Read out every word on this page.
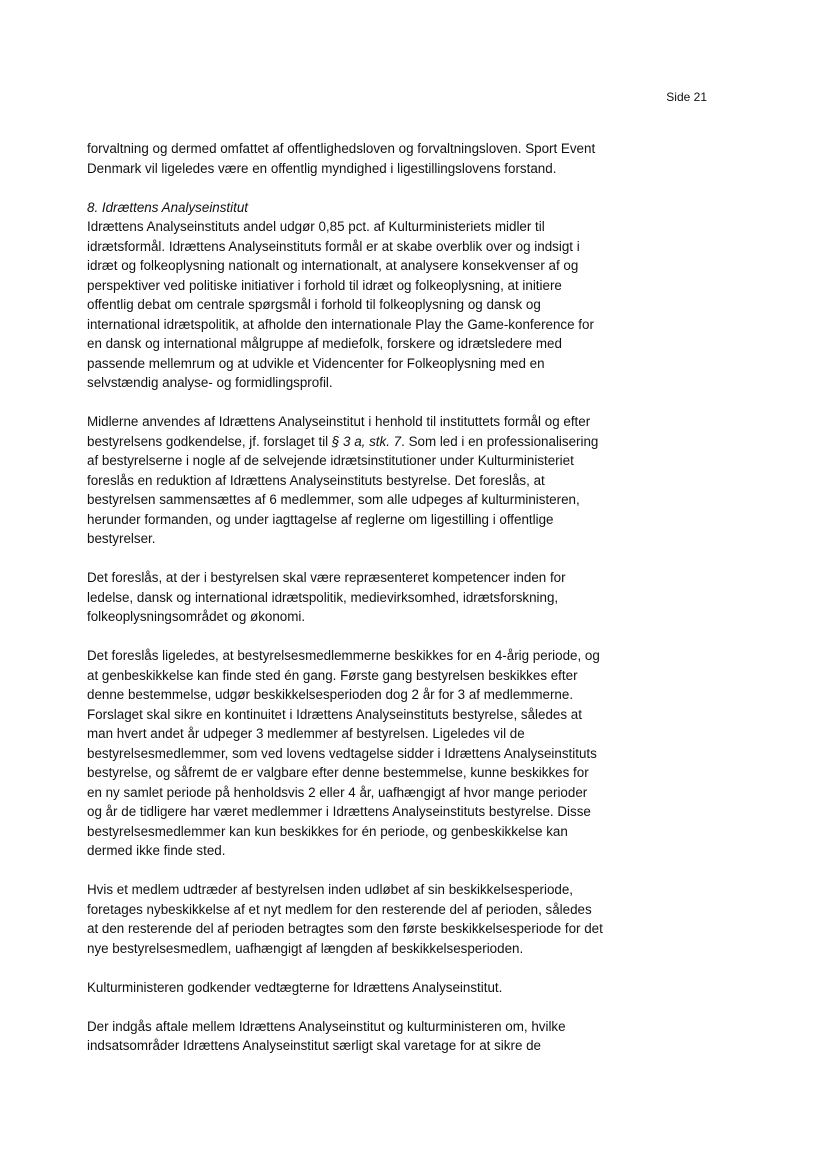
Side 21
forvaltning og dermed omfattet af offentlighedsloven og forvaltningsloven. Sport Event
Denmark vil ligeledes være en offentlig myndighed i ligestillingslovens forstand.
8. Idrættens Analyseinstitut
Idrættens Analyseinstituts andel udgør 0,85 pct. af Kulturministeriets midler til
idrætsformål. Idrættens Analyseinstituts formål er at skabe overblik over og indsigt i
idræt og folkeoplysning nationalt og internationalt, at analysere konsekvenser af og
perspektiver ved politiske initiativer i forhold til idræt og folkeoplysning, at initiere
offentlig debat om centrale spørgsmål i forhold til folkeoplysning og dansk og
international idrætspolitik, at afholde den internationale Play the Game-konference for
en dansk og international målgruppe af mediefolk, forskere og idrætsledere med
passende mellemrum og at udvikle et Videncenter for Folkeoplysning med en
selvstændig analyse- og formidlingsprofil.
Midlerne anvendes af Idrættens Analyseinstitut i henhold til instituttets formål og efter
bestyrelsens godkendelse, jf. forslaget til § 3 a, stk. 7. Som led i en professionalisering
af bestyrelserne i nogle af de selvejende idrætsinstitutioner under Kulturministeriet
foreslås en reduktion af Idrættens Analyseinstituts bestyrelse. Det foreslås, at
bestyrelsen sammensættes af 6 medlemmer, som alle udpeges af kulturministeren,
herunder formanden, og under iagttagelse af reglerne om ligestilling i offentlige
bestyrelser.
Det foreslås, at der i bestyrelsen skal være repræsenteret kompetencer inden for
ledelse, dansk og international idrætspolitik, medievirksomhed, idrætsforskning,
folkeoplysningsområdet og økonomi.
Det foreslås ligeledes, at bestyrelsesmedlemmerne beskikkes for en 4-årig periode, og
at genbeskikkelse kan finde sted én gang. Første gang bestyrelsen beskikkes efter
denne bestemmelse, udgør beskikkelsesperioden dog 2 år for 3 af medlemmerne.
Forslaget skal sikre en kontinuitet i Idrættens Analyseinstituts bestyrelse, således at
man hvert andet år udpeger 3 medlemmer af bestyrelsen. Ligeledes vil de
bestyrelsesmedlemmer, som ved lovens vedtagelse sidder i Idrættens Analyseinstituts
bestyrelse, og såfremt de er valgbare efter denne bestemmelse, kunne beskikkes for
en ny samlet periode på henholdsvis 2 eller 4 år, uafhængigt af hvor mange perioder
og år de tidligere har været medlemmer i Idrættens Analyseinstituts bestyrelse. Disse
bestyrelsesmedlemmer kan kun beskikkes for én periode, og genbeskikkelse kan
dermed ikke finde sted.
Hvis et medlem udtræder af bestyrelsen inden udløbet af sin beskikkelsesperiode,
foretages nybeskikkelse af et nyt medlem for den resterende del af perioden, således
at den resterende del af perioden betragtes som den første beskikkelsesperiode for det
nye bestyrelsesmedlem, uafhængigt af længden af beskikkelsesperioden.
Kulturministeren godkender vedtægterne for Idrættens Analyseinstitut.
Der indgås aftale mellem Idrættens Analyseinstitut og kulturministeren om, hvilke
indsatsområder Idrættens Analyseinstitut særligt skal varetage for at sikre de
